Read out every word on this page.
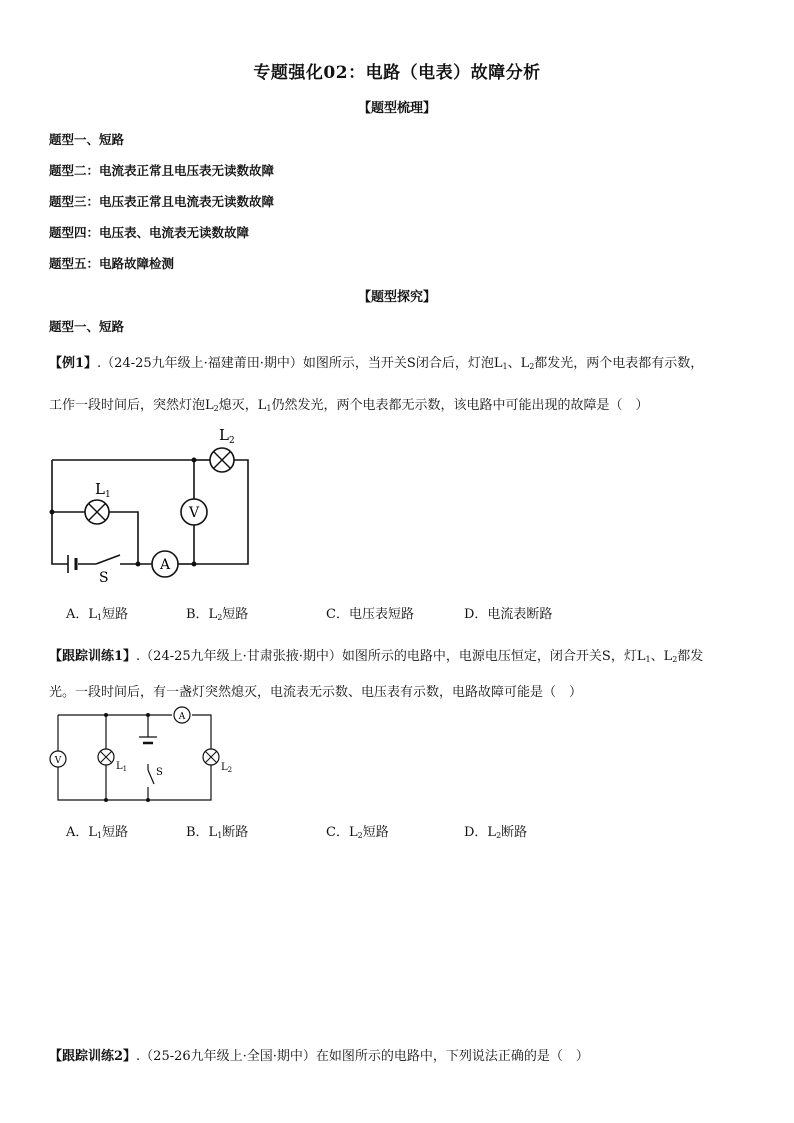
专题强化02：电路（电表）故障分析
【题型梳理】
题型一、短路
题型二：电流表正常且电压表无读数故障
题型三：电压表正常且电流表无读数故障
题型四：电压表、电流表无读数故障
题型五：电路故障检测
【题型探究】
题型一、短路
【例1】.（24-25九年级上·福建莆田·期中）如图所示，当开关S闭合后，灯泡$L_1$、$L_2$都发光，两个电表都有示数，
工作一段时间后，突然灯泡$L_2$熄灭，$L_1$仍然发光，两个电表都无示数，该电路中可能出现的故障是（　）
$L_1$
$L_2$
V
A
S
V	$L_1$
A
$L_2$
S
A．$L_1$短路	B．$L_2$短路	C．电压表短路	D．电流表断路
【跟踪训练1】.（24-25九年级上·甘肃张掖·期中）如图所示的电路中，电源电压恒定，闭合开关S，灯$L_1$、$L_2$都发
光。一段时间后，有一盏灯突然熄灭，电流表无示数、电压表有示数，电路故障可能是（　）
A．$L_1$短路	B．$L_1$断路	C．$L_2$短路	D．$L_2$断路
【跟踪训练2】.（25-26九年级上·全国·期中）在如图所示的电路中，下列说法正确的是（　）
